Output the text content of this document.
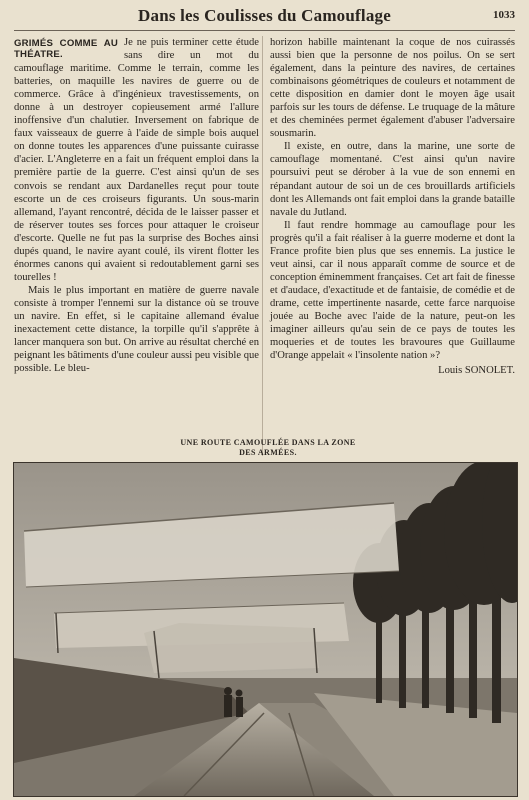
Dans les Coulisses du Camouflage	1033
GRIMÉS COMME AU THÉATRE.

Je ne puis terminer cette étude sans dire un mot du camouflage maritime. Comme le terrain, comme les batteries, on maquille les navires de guerre ou de commerce. Grâce à d'ingénieux travestissements, on donne à un destroyer copieusement armé l'allure inoffensive d'un chalutier. Inversement on fabrique de faux vaisseaux de guerre à l'aide de simple bois auquel on donne toutes les apparences d'une puissante cuirasse d'acier. L'Angleterre en a fait un fréquent emploi dans la première partie de la guerre. C'est ainsi qu'un de ses convois se rendant aux Dardanelles reçut pour toute escorte un de ces croiseurs figurants. Un sous-marin allemand, l'ayant rencontré, décida de le laisser passer et de réserver toutes ses forces pour attaquer le croiseur d'escorte. Quelle ne fut pas la surprise des Boches ainsi dupés quand, le navire ayant coulé, ils virent flotter les énormes canons qui avaient si redoutablement garni ses tourelles !

Mais le plus important en matière de guerre navale consiste à tromper l'ennemi sur la distance où se trouve un navire. En effet, si le capitaine allemand évalue inexactement cette distance, la torpille qu'il s'apprête à lancer manquera son but. On arrive au résultat cherché en peignant les bâtiments d'une couleur aussi peu visible que possible. Le bleu-

horizon habille maintenant la coque de nos cuirassés aussi bien que la personne de nos poilus. On se sert également, dans la peinture des navires, de certaines combinaisons géométriques de couleurs et notamment de cette disposition en damier dont le moyen âge usait parfois sur les tours de défense. Le truquage de la mâture et des cheminées permet également d'abuser l'adversaire sousmarin.

Il existe, en outre, dans la marine, une sorte de camouflage momentané. C'est ainsi qu'un navire poursuivi peut se dérober à la vue de son ennemi en répandant autour de soi un de ces brouillards artificiels dont les Allemands ont fait emploi dans la grande bataille navale du Jutland.

Il faut rendre hommage au camouflage pour les progrès qu'il a fait réaliser à la guerre moderne et dont la France profite bien plus que ses ennemis. La justice le veut ainsi, car il nous apparaît comme de source et de conception éminemment françaises. Cet art fait de finesse et d'audace, d'exactitude et de fantaisie, de comédie et de drame, cette impertinente nasarde, cette farce narquoise jouée au Boche avec l'aide de la nature, peut-on les imaginer ailleurs qu'au sein de ce pays de toutes les moqueries et de toutes les bravoures que Guillaume d'Orange appelait « l'insolente nation »?

Louis SONOLET.
UNE ROUTE CAMOUFLÉE DANS LA ZONE DES ARMÉES.
